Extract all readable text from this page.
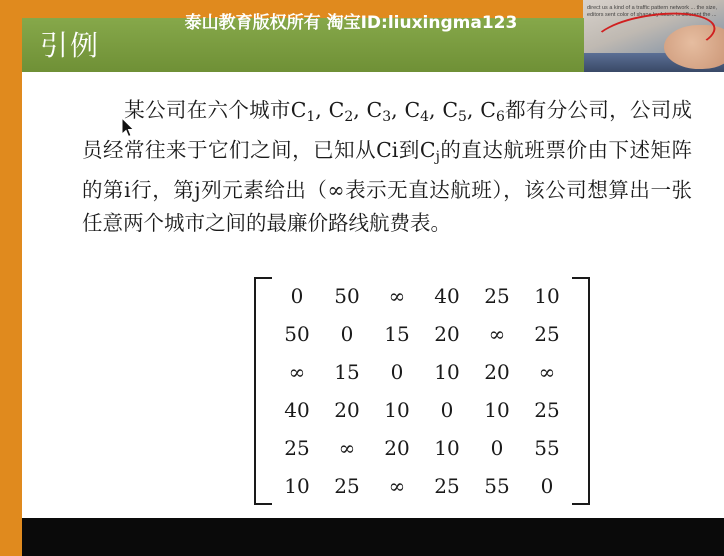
direct us a kind of a traffic pattern network ... the size, editors sent color of shape by future is different the ...
引例
某公司在六个城市$C_1$, $C_2$, $C_3$, $C_4$, $C_5$, $C_6$都有分公司，公司成员经常往来于它们之间，已知从Ci到$C_j$的直达航班票价由下述矩阵的第i行，第j列元素给出（∞表示无直达航班），该公司想算出一张任意两个城市之间的最廉价路线航费表。
0	50	∞	40	25	10
50	0	15	20	∞	25
∞	15	0	10	20	∞
40	20	10	0	10	25
25	∞	20	10	0	55
10	25	∞	25	55	0
泰山教育版权所有 淘宝ID:liuxingma123
